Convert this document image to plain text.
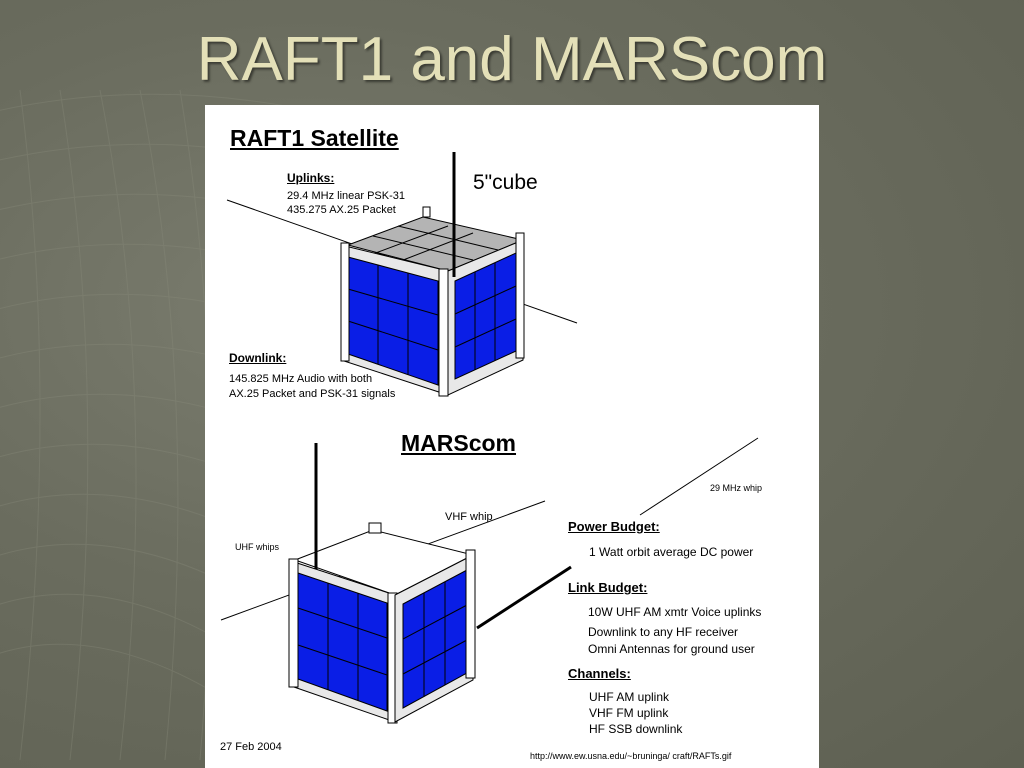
RAFT1 and MARScom
RAFT1 Satellite
5"cube
Uplinks:
29.4 MHz linear PSK-31
435.275 AX.25 Packet
Downlink:
145.825 MHz Audio with both
AX.25 Packet and PSK-31 signals
MARScom
VHF whip
UHF whips
29 MHz whip
Power Budget:
1 Watt orbit average DC power
Link Budget:
10W UHF AM xmtr Voice uplinks
Downlink to any HF receiver
Omni Antennas for ground user
Channels:
UHF AM uplink
VHF FM uplink
HF SSB downlink
27 Feb 2004
http://www.ew.usna.edu/~bruninga/ craft/RAFTs.gif
